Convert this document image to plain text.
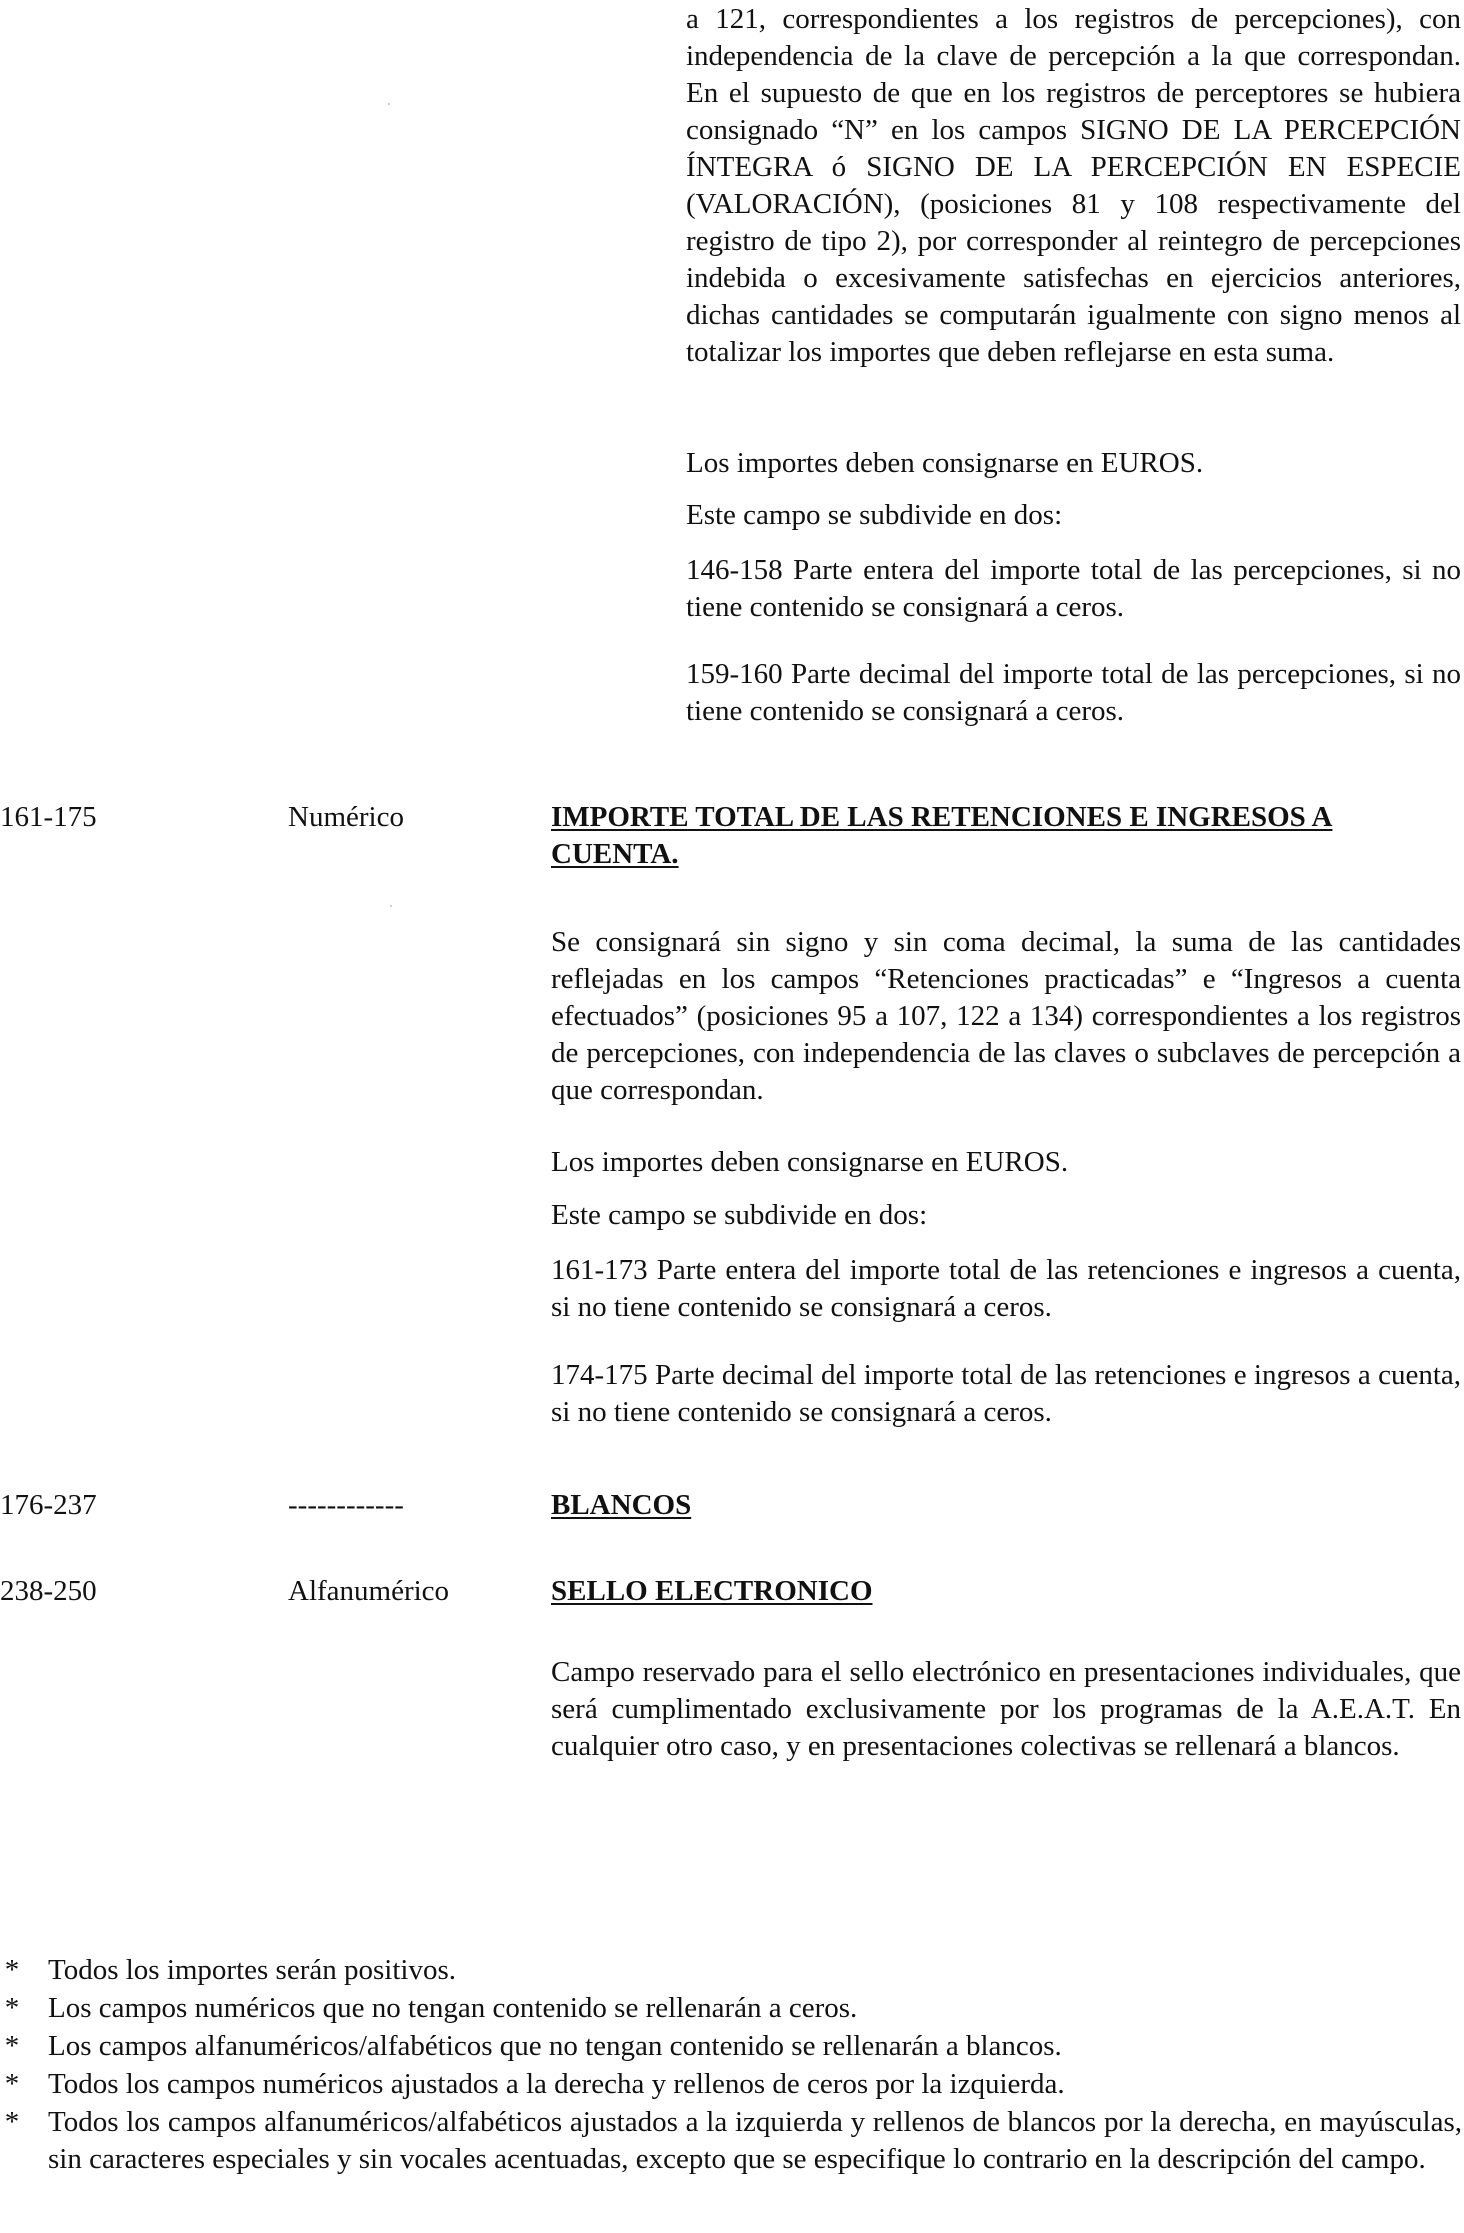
a 121, correspondientes a los registros de percepciones), con independencia de la clave de percepción a la que correspondan. En el supuesto de que en los registros de perceptores se hubiera consignado “N” en los campos SIGNO DE LA PERCEPCIÓN ÍNTEGRA ó SIGNO DE LA PERCEPCIÓN EN ESPECIE (VALORACIÓN), (posiciones 81 y 108 respectivamente del registro de tipo 2), por corresponder al reintegro de percepciones indebida o excesivamente satisfechas en ejercicios anteriores, dichas cantidades se computarán igualmente con signo menos al totalizar los importes que deben reflejarse en esta suma.

Los importes deben consignarse en EUROS.

Este campo se subdivide en dos:

146-158 Parte entera del importe total de las percepciones, si no tiene contenido se consignará a ceros.

159-160 Parte decimal del importe total de las percepciones, si no tiene contenido se consignará a ceros.

161-175	Numérico	IMPORTE TOTAL DE LAS RETENCIONES E INGRESOS A CUENTA.

Se consignará sin signo y sin coma decimal, la suma de las cantidades reflejadas en los campos “Retenciones practicadas” e “Ingresos a cuenta efectuados” (posiciones 95 a 107, 122 a 134) correspondientes a los registros de percepciones, con independencia de las claves o subclaves de percepción a que correspondan.

Los importes deben consignarse en EUROS.

Este campo se subdivide en dos:

161-173 Parte entera del importe total de las retenciones e ingresos a cuenta, si no tiene contenido se consignará a ceros.

174-175 Parte decimal del importe total de las retenciones e ingresos a cuenta, si no tiene contenido se consignará a ceros.

176-237	------------	BLANCOS

238-250	Alfanumérico	SELLO ELECTRONICO

Campo reservado para el sello electrónico en presentaciones individuales, que será cumplimentado exclusivamente por los programas de la A.E.A.T. En cualquier otro caso, y en presentaciones colectivas se rellenará a blancos.

* Todos los importes serán positivos.
* Los campos numéricos que no tengan contenido se rellenarán a ceros.
* Los campos alfanuméricos/alfabéticos que no tengan contenido se rellenarán a blancos.
* Todos los campos numéricos ajustados a la derecha y rellenos de ceros por la izquierda.
* Todos los campos alfanuméricos/alfabéticos ajustados a la izquierda y rellenos de blancos por la derecha, en mayúsculas, sin caracteres especiales y sin vocales acentuadas, excepto que se especifique lo contrario en la descripción del campo.
